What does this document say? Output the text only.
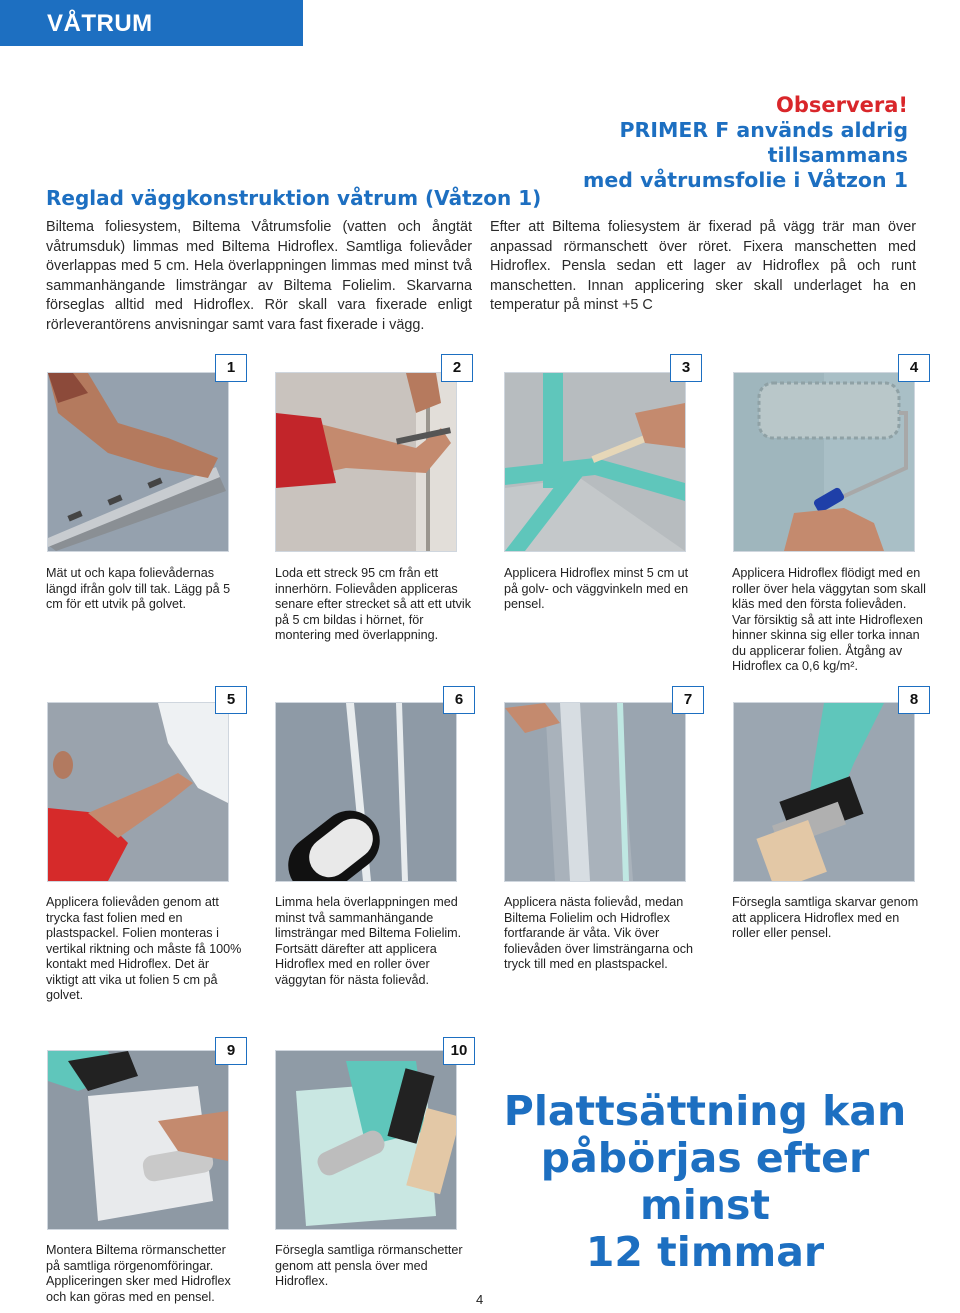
VÅTRUM
Observera!
PRIMER F används aldrig tillsammans
med våtrumsfolie i Våtzon 1
Reglad väggkonstruktion våtrum (Våtzon 1)
Biltema foliesystem, Biltema Våtrumsfolie (vatten och ångtät våtrumsduk) limmas med Biltema Hidroflex. Samtliga folievåder överlappas med 5 cm. Hela överlappningen limmas med minst två sammanhängande limsträngar av Biltema Folielim. Skarvarna förseglas alltid med Hidroflex. Rör skall vara fixerade enligt rörleverantörens anvisningar samt vara fast fixerade i vägg.
Efter att Biltema foliesystem är fixerad på vägg trär man över anpassad rörmanschett över röret. Fixera manschetten med Hidroflex. Pensla sedan ett lager av Hidroflex på och runt manschetten. Innan applicering sker skall underlaget ha en temperatur på minst +5 C
1	2	3	4
Mät ut och kapa folievådernas längd ifrån golv till tak. Lägg på 5 cm för ett utvik på golvet.
Loda ett streck 95 cm från ett innerhörn. Folievåden appliceras senare efter strecket så att ett utvik på 5 cm bildas i hörnet, för montering med överlappning.
Applicera Hidroflex minst 5 cm ut på golv- och väggvinkeln med en pensel.
Applicera Hidroflex flödigt med en roller över hela väggytan som skall kläs med den första folievåden. Var försiktig så att inte Hidroflexen hinner skinna sig eller torka innan du applicerar folien. Åtgång av Hidroflex ca 0,6 kg/m².
5	6	7	8
Applicera folievåden genom att trycka fast folien med en plastspackel. Folien monteras i vertikal riktning och måste få 100% kontakt med Hidroflex. Det är viktigt att vika ut folien 5 cm på golvet.
Limma hela överlappningen med minst två sammanhängande limsträngar med Biltema Folielim. Fortsätt därefter att applicera Hidroflex med en roller över väggytan för nästa folievåd.
Applicera nästa folievåd, medan Biltema Folielim och Hidroflex fortfarande är våta. Vik över folievåden över limsträngarna och tryck till med en plastspackel.
Försegla samtliga skarvar genom att applicera Hidroflex med en roller eller pensel.
9	10
Montera Biltema rörmanschetter på samtliga rörgenomföringar. Appliceringen sker med Hidroflex och kan göras med en pensel.
Försegla samtliga rörmanschetter genom att pensla över med Hidroflex.
Plattsättning kan
påbörjas efter minst
12 timmar
4
